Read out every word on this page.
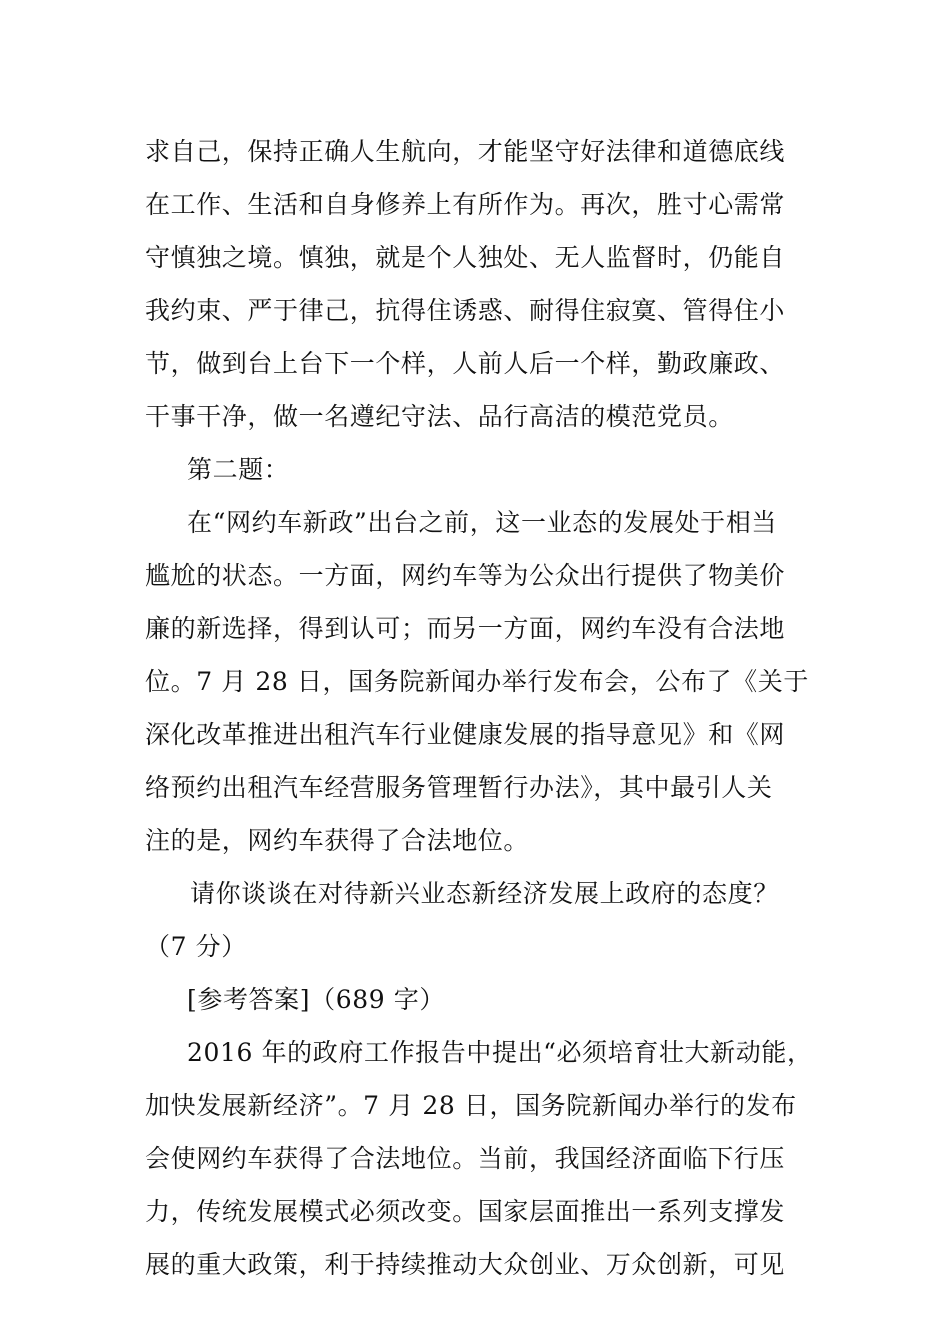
求自己，保持正确人生航向，才能坚守好法律和道德底线
在工作、生活和自身修养上有所作为。再次，胜寸心需常
守慎独之境。慎独，就是个人独处、无人监督时，仍能自
我约束、严于律己，抗得住诱惑、耐得住寂寞、管得住小
节，做到台上台下一个样，人前人后一个样，勤政廉政、
干事干净，做一名遵纪守法、品行高洁的模范党员。
第二题：
在“网约车新政”出台之前，这一业态的发展处于相当
尴尬的状态。一方面，网约车等为公众出行提供了物美价
廉的新选择，得到认可；而另一方面，网约车没有合法地
位。7 月 28 日，国务院新闻办举行发布会，公布了《关于
深化改革推进出租汽车行业健康发展的指导意见》和《网
络预约出租汽车经营服务管理暂行办法》，其中最引人关
注的是，网约车获得了合法地位。
请你谈谈在对待新兴业态新经济发展上政府的态度？
（7 分）
[参考答案]（689 字）
2016 年的政府工作报告中提出“必须培育壮大新动能，
加快发展新经济”。7 月 28 日，国务院新闻办举行的发布
会使网约车获得了合法地位。当前，我国经济面临下行压
力，传统发展模式必须改变。国家层面推出一系列支撑发
展的重大政策，利于持续推动大众创业、万众创新，可见
